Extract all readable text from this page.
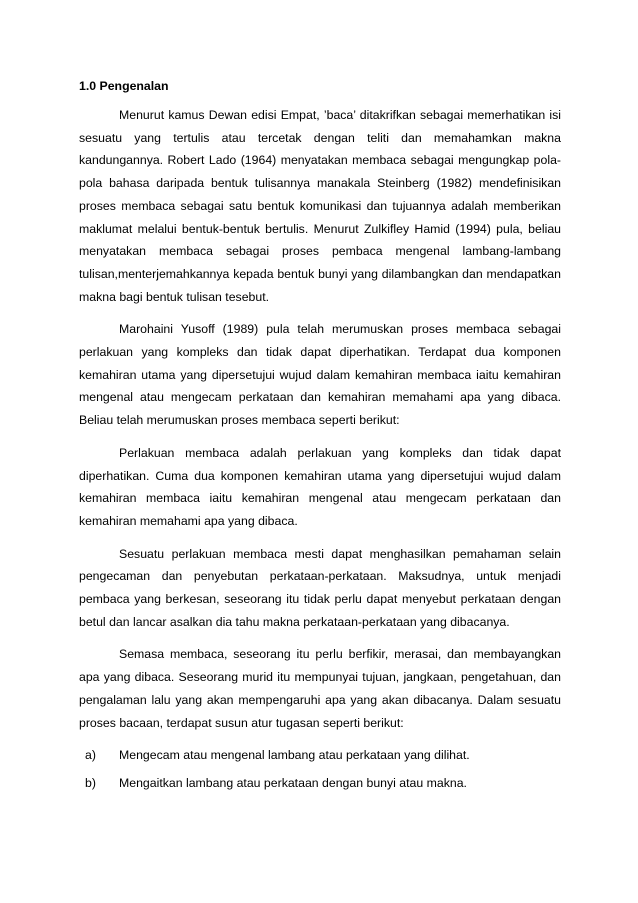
1.0 Pengenalan

Menurut kamus Dewan edisi Empat, ’baca’ ditakrifkan sebagai memerhatikan isi sesuatu yang tertulis atau tercetak dengan teliti dan memahamkan makna kandungannya. Robert Lado (1964) menyatakan membaca sebagai mengungkap pola-pola bahasa daripada bentuk tulisannya manakala Steinberg (1982) mendefinisikan proses membaca sebagai satu bentuk komunikasi dan tujuannya adalah memberikan maklumat melalui bentuk-bentuk bertulis. Menurut Zulkifley Hamid (1994) pula, beliau menyatakan membaca sebagai proses pembaca mengenal lambang-lambang tulisan,menterjemahkannya kepada bentuk bunyi yang dilambangkan dan mendapatkan makna bagi bentuk tulisan tesebut.

Marohaini Yusoff (1989) pula telah merumuskan proses membaca sebagai perlakuan yang kompleks dan tidak dapat diperhatikan. Terdapat dua komponen kemahiran utama yang dipersetujui wujud dalam kemahiran membaca iaitu kemahiran mengenal atau mengecam perkataan dan kemahiran memahami apa yang dibaca. Beliau telah merumuskan proses membaca seperti berikut:

Perlakuan membaca adalah perlakuan yang kompleks dan tidak dapat diperhatikan. Cuma dua komponen kemahiran utama yang dipersetujui wujud dalam kemahiran membaca iaitu kemahiran mengenal atau mengecam perkataan dan kemahiran memahami apa yang dibaca.

Sesuatu perlakuan membaca mesti dapat menghasilkan pemahaman selain pengecaman dan penyebutan perkataan-perkataan. Maksudnya, untuk menjadi pembaca yang berkesan, seseorang itu tidak perlu dapat menyebut perkataan dengan betul dan lancar asalkan dia tahu makna perkataan-perkataan yang dibacanya.

Semasa membaca, seseorang itu perlu berfikir, merasai, dan membayangkan apa yang dibaca. Seseorang murid itu mempunyai tujuan, jangkaan, pengetahuan, dan pengalaman lalu yang akan mempengaruhi apa yang akan dibacanya. Dalam sesuatu proses bacaan, terdapat susun atur tugasan seperti berikut:

a)	Mengecam atau mengenal lambang atau perkataan yang dilihat.
b)	Mengaitkan lambang atau perkataan dengan bunyi atau makna.
